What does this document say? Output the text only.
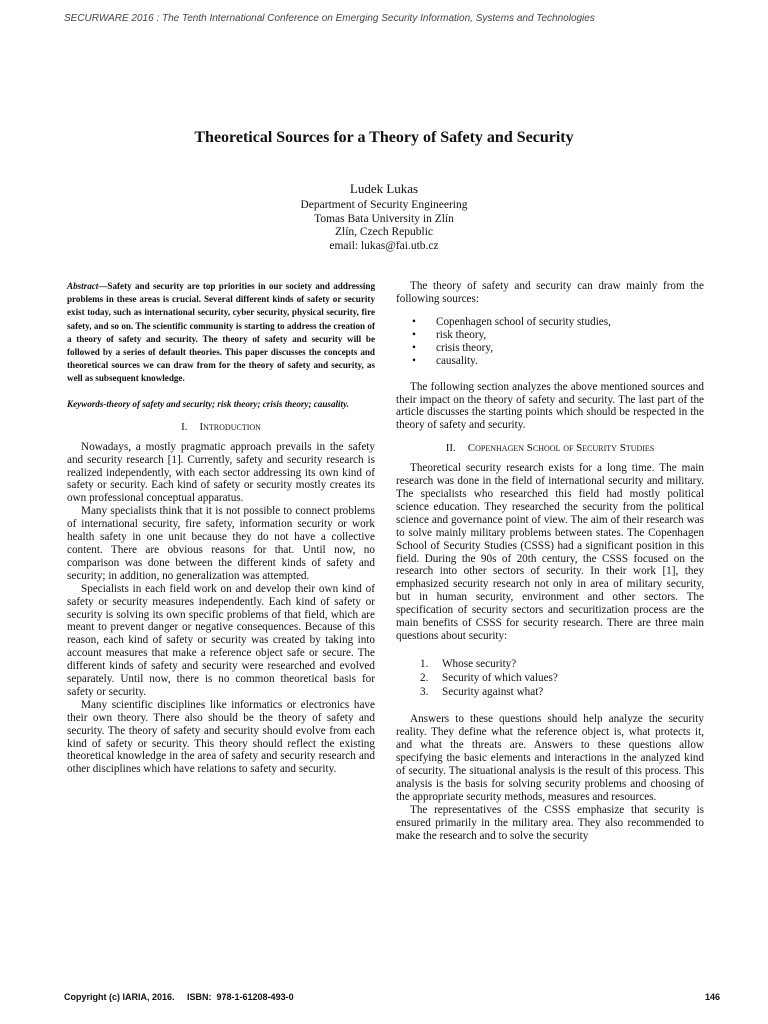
SECURWARE 2016 : The Tenth International Conference on Emerging Security Information, Systems and Technologies
Theoretical Sources for a Theory of Safety and Security
Ludek Lukas
Department of Security Engineering
Tomas Bata University in Zlín
Zlín, Czech Republic
email: lukas@fai.utb.cz

Abstract—Safety and security are top priorities in our society and addressing problems in these areas is crucial. Several different kinds of safety or security exist today, such as international security, cyber security, physical security, fire safety, and so on. The scientific community is starting to address the creation of a theory of safety and security. The theory of safety and security will be followed by a series of default theories. This paper discusses the concepts and theoretical sources we can draw from for the theory of safety and security, as well as subsequent knowledge.

Keywords-theory of safety and security; risk theory; crisis theory; causality.

I. Introduction

Nowadays, a mostly pragmatic approach prevails in the safety and security research [1]. Currently, safety and security research is realized independently, with each sector addressing its own kind of safety or security. Each kind of safety or security mostly creates its own professional conceptual apparatus.

Many specialists think that it is not possible to connect problems of international security, fire safety, information security or work health safety in one unit because they do not have a collective content. There are obvious reasons for that. Until now, no comparison was done between the different kinds of safety and security; in addition, no generalization was attempted.

Specialists in each field work on and develop their own kind of safety or security measures independently. Each kind of safety or security is solving its own specific problems of that field, which are meant to prevent danger or negative consequences. Because of this reason, each kind of safety or security was created by taking into account measures that make a reference object safe or secure. The different kinds of safety and security were researched and evolved separately. Until now, there is no common theoretical basis for safety or security.

Many scientific disciplines like informatics or electronics have their own theory. There also should be the theory of safety and security. The theory of safety and security should evolve from each kind of safety or security. This theory should reflect the existing theoretical knowledge in the area of safety and security research and other disciplines which have relations to safety and security.

The theory of safety and security can draw mainly from the following sources:

• Copenhagen school of security studies,
• risk theory,
• crisis theory,
• causality.

The following section analyzes the above mentioned sources and their impact on the theory of safety and security. The last part of the article discusses the starting points which should be respected in the theory of safety and security.

II. Copenhagen School of Security Studies

Theoretical security research exists for a long time. The main research was done in the field of international security and military. The specialists who researched this field had mostly political science education. They researched the security from the political science and governance point of view. The aim of their research was to solve mainly military problems between states. The Copenhagen School of Security Studies (CSSS) had a significant position in this field. During the 90s of 20th century, the CSSS focused on the research into other sectors of security. In their work [1], they emphasized security research not only in area of military security, but in human security, environment and other sectors. The specification of security sectors and securitization process are the main benefits of CSSS for security research. There are three main questions about security:

1. Whose security?
2. Security of which values?
3. Security against what?

Answers to these questions should help analyze the security reality. They define what the reference object is, what protects it, and what the threats are. Answers to these questions allow specifying the basic elements and interactions in the analyzed kind of security. The situational analysis is the result of this process. This analysis is the basis for solving security problems and choosing of the appropriate security methods, measures and resources.

The representatives of the CSSS emphasize that security is ensured primarily in the military area. They also recommended to make the research and to solve the security

Copyright (c) IARIA, 2016.     ISBN:  978-1-61208-493-0	146
